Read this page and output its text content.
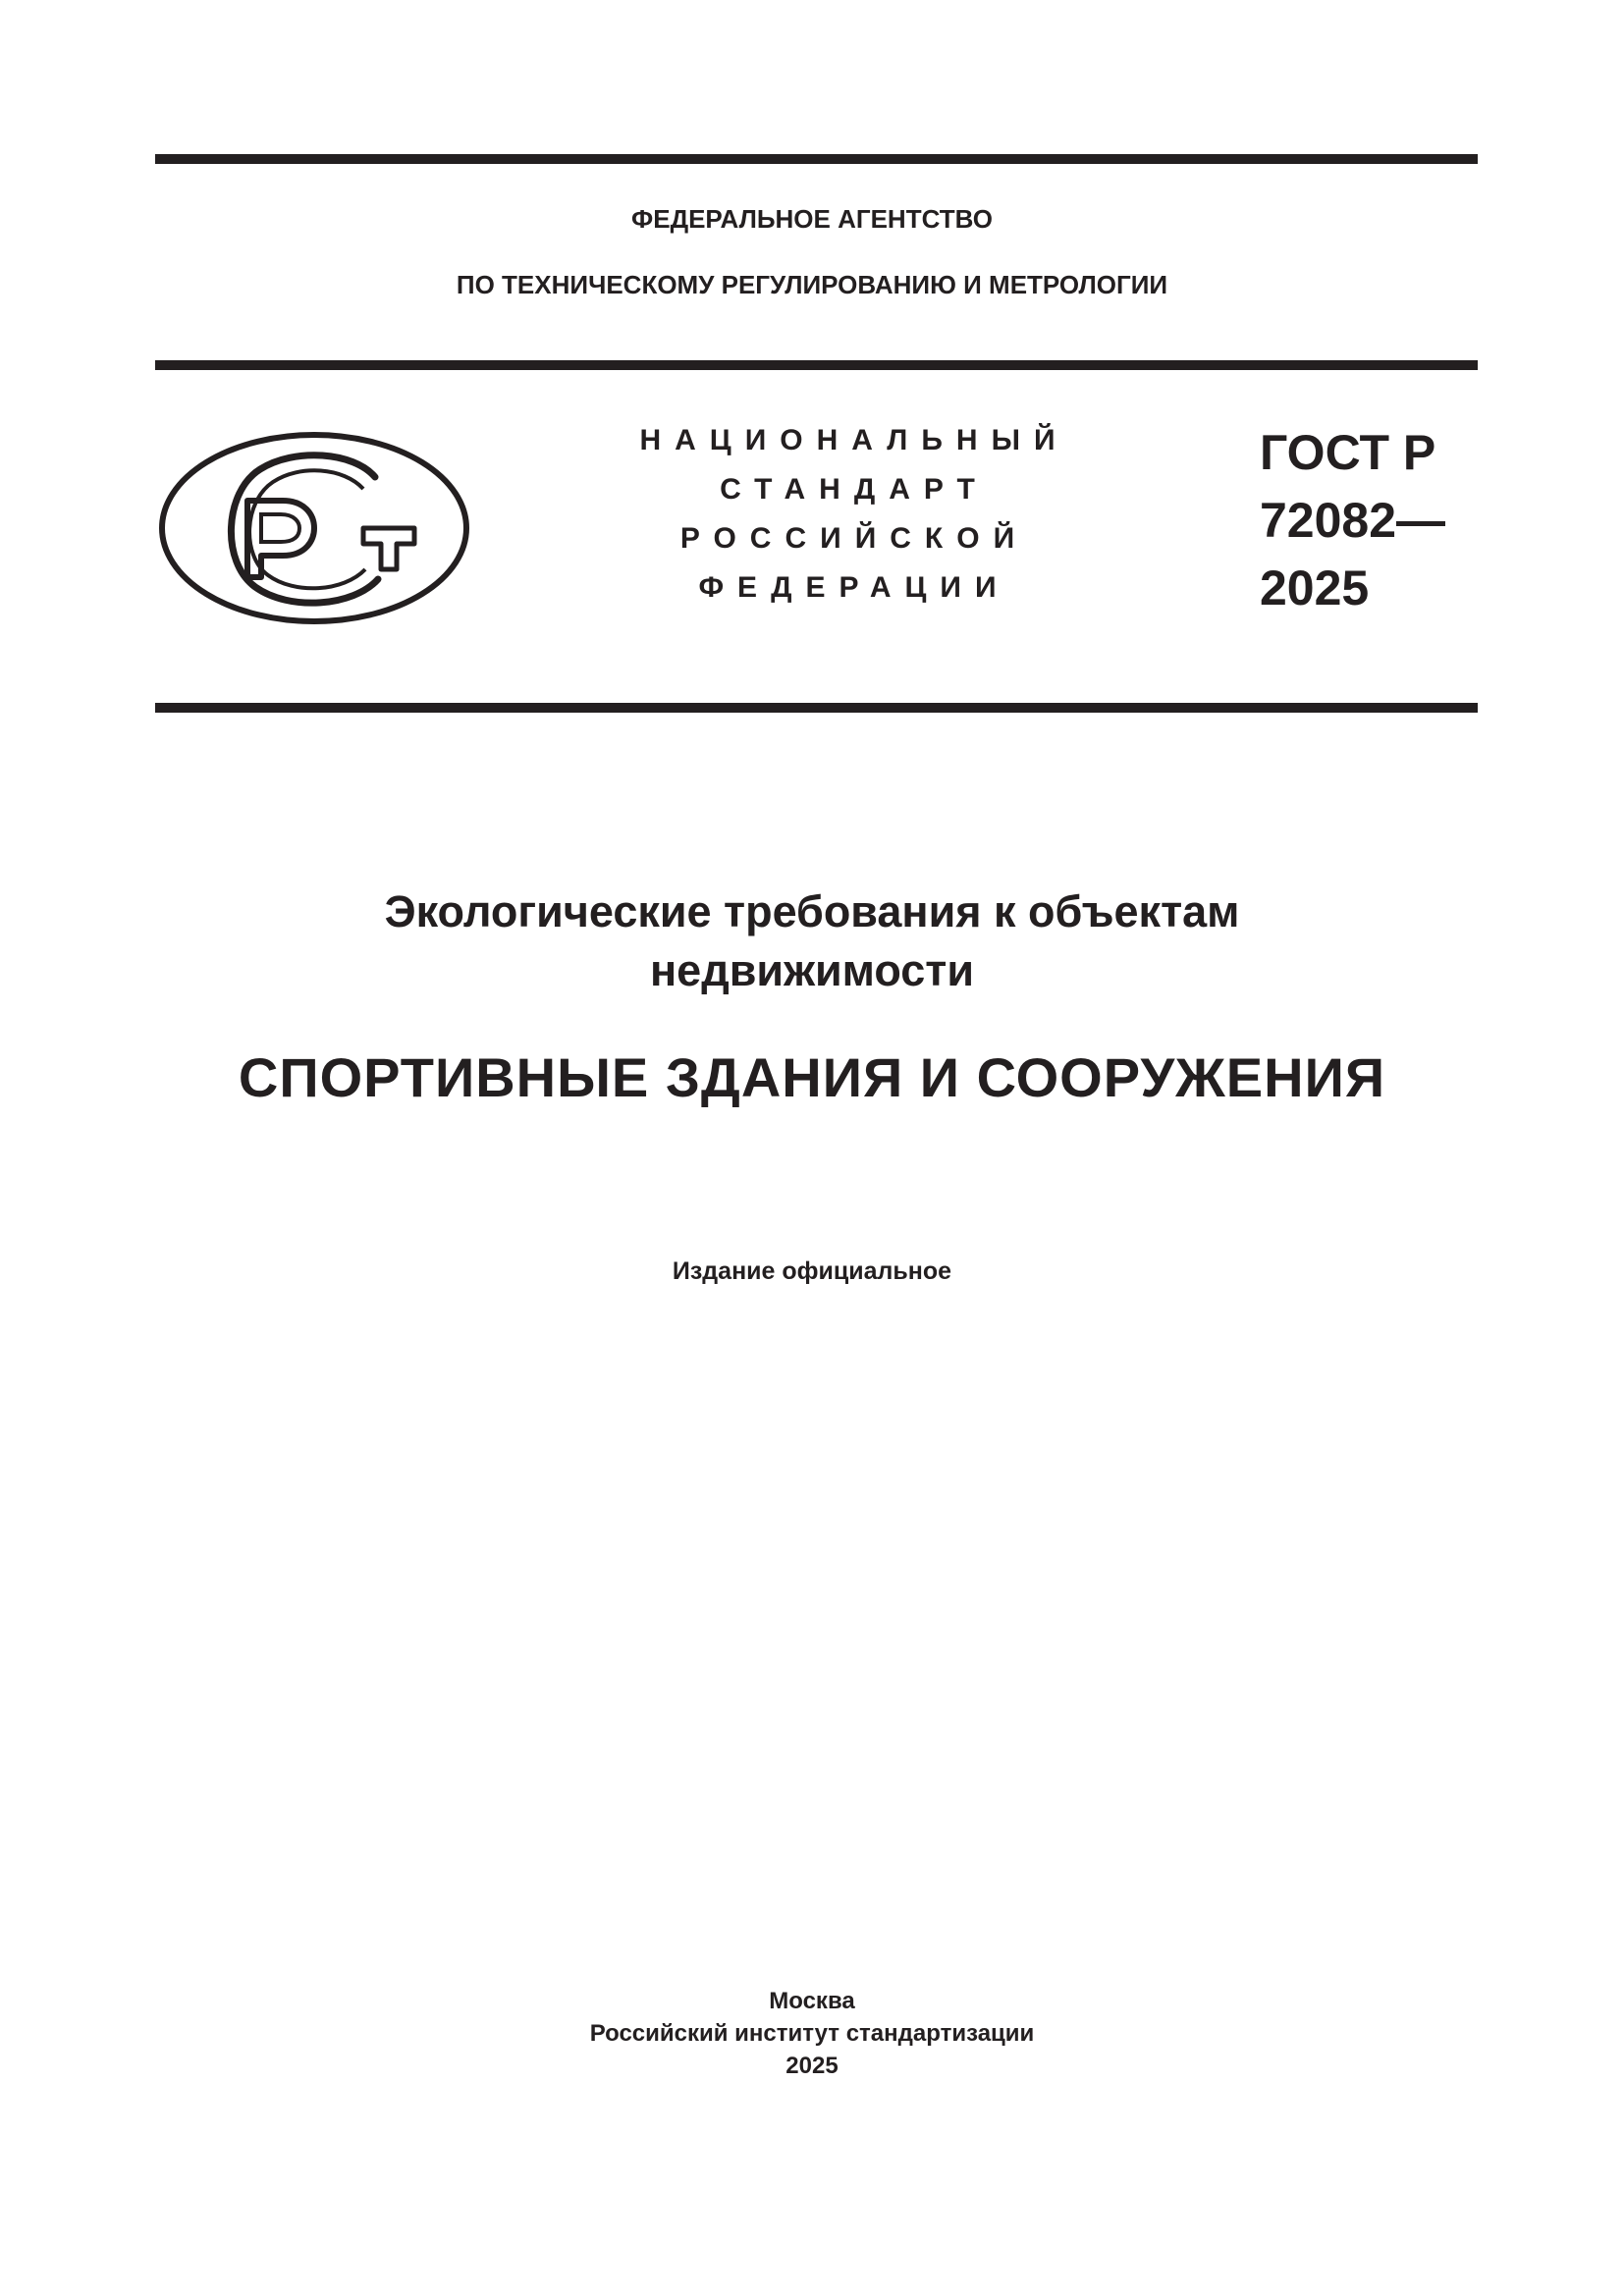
ФЕДЕРАЛЬНОЕ АГЕНТСТВО
ПО ТЕХНИЧЕСКОМУ РЕГУЛИРОВАНИЮ И МЕТРОЛОГИИ
НАЦИОНАЛЬНЫЙ
СТАНДАРТ
РОССИЙСКОЙ
ФЕДЕРАЦИИ
ГОСТ Р
72082—
2025
Экологические требования к объектам
недвижимости
СПОРТИВНЫЕ ЗДАНИЯ И СООРУЖЕНИЯ
Издание официальное
Москва
Российский институт стандартизации
2025
